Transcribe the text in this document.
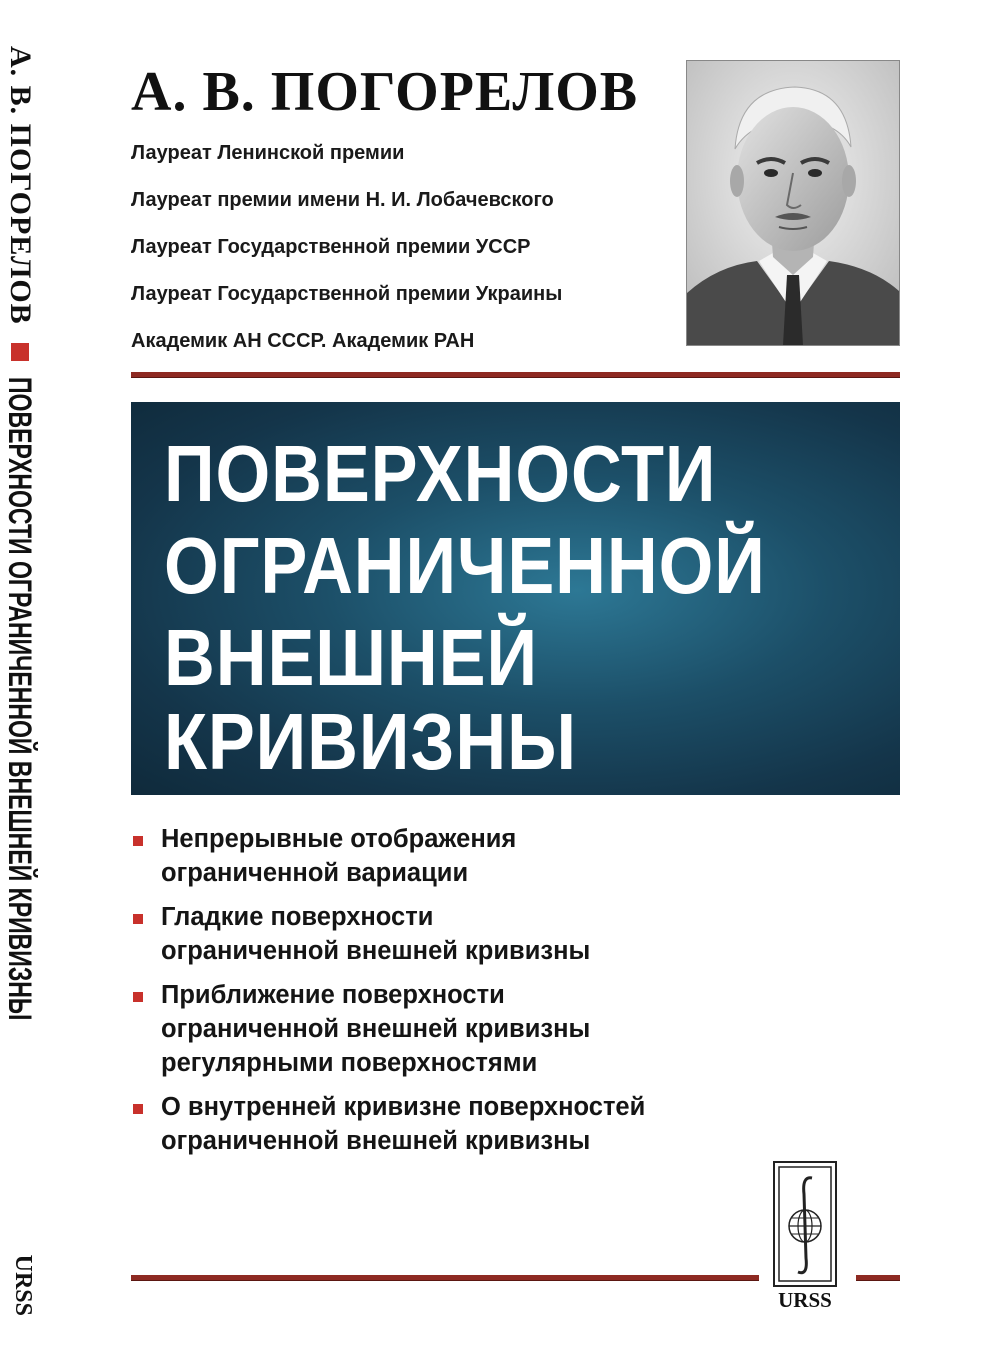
А. В. ПОГОРЕЛОВ
ПОВЕРХНОСТИ ОГРАНИЧЕННОЙ ВНЕШНЕЙ КРИВИЗНЫ
URSS
А. В. ПОГОРЕЛОВ
Лауреат Ленинской премии
Лауреат премии имени Н. И. Лобачевского
Лауреат Государственной премии УССР
Лауреат Государственной премии Украины
Академик АН СССР. Академик РАН
ПОВЕРХНОСТИ
ОГРАНИЧЕННОЙ
ВНЕШНЕЙ
КРИВИЗНЫ
Непрерывные отображения
ограниченной вариации
Гладкие поверхности
ограниченной внешней кривизны
Приближение поверхности
ограниченной внешней кривизны
регулярными поверхностями
О внутренней кривизне поверхностей
ограниченной внешней кривизны
URSS
